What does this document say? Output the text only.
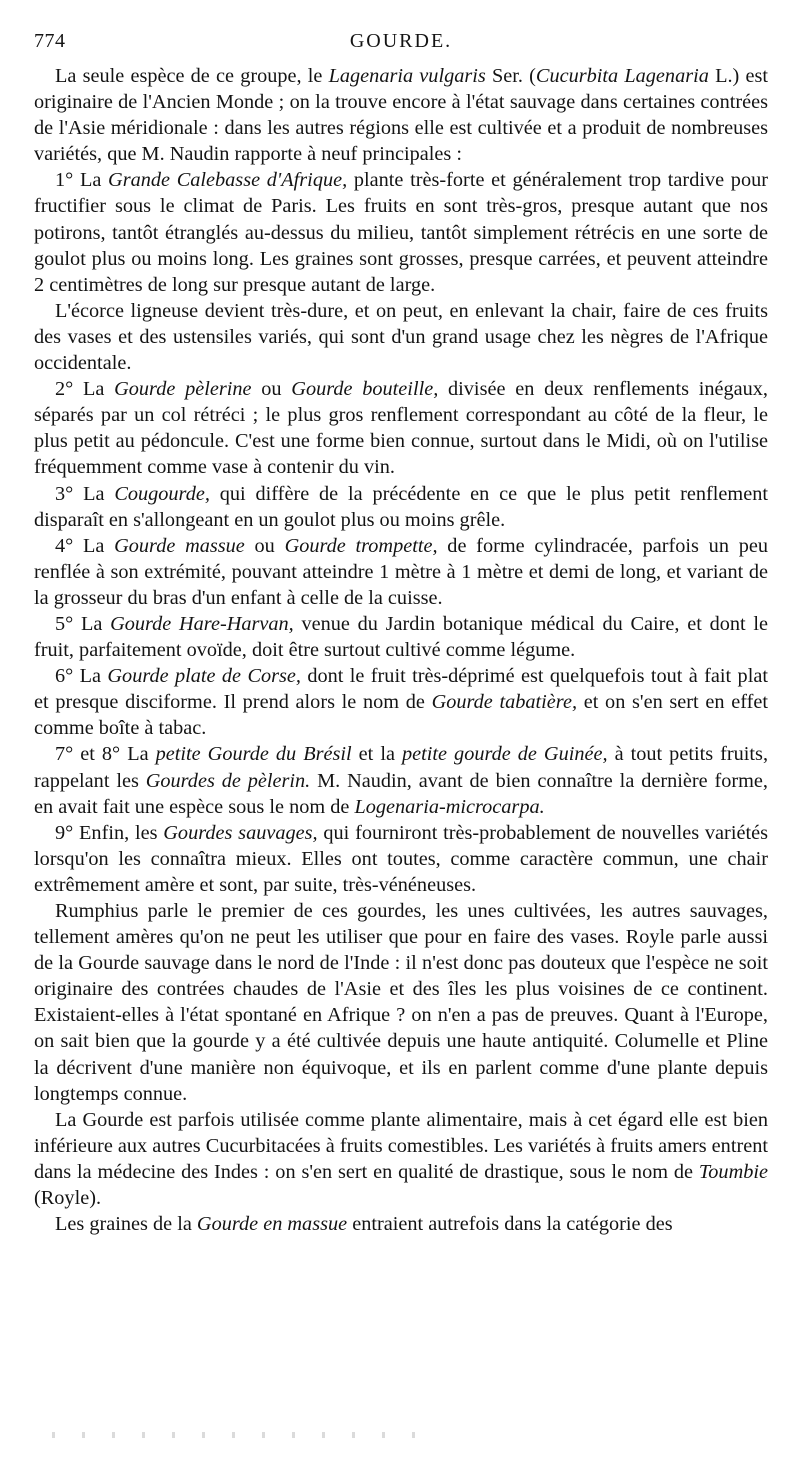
774	GOURDE.

La seule espèce de ce groupe, le Lagenaria vulgaris Ser. (Cucurbita Lagenaria L.) est originaire de l'Ancien Monde ; on la trouve encore à l'état sauvage dans certaines contrées de l'Asie méridionale : dans les autres régions elle est cultivée et a produit de nombreuses variétés, que M. Naudin rapporte à neuf principales :

1° La Grande Calebasse d'Afrique, plante très-forte et généralement trop tardive pour fructifier sous le climat de Paris. Les fruits en sont très-gros, presque autant que nos potirons, tantôt étranglés au-dessus du milieu, tantôt simplement rétrécis en une sorte de goulot plus ou moins long. Les graines sont grosses, presque carrées, et peuvent atteindre 2 centimètres de long sur presque autant de large.

L'écorce ligneuse devient très-dure, et on peut, en enlevant la chair, faire de ces fruits des vases et des ustensiles variés, qui sont d'un grand usage chez les nègres de l'Afrique occidentale.

2° La Gourde pèlerine ou Gourde bouteille, divisée en deux renflements inégaux, séparés par un col rétréci ; le plus gros renflement correspondant au côté de la fleur, le plus petit au pédoncule. C'est une forme bien connue, surtout dans le Midi, où on l'utilise fréquemment comme vase à contenir du vin.

3° La Cougourde, qui diffère de la précédente en ce que le plus petit renflement disparaît en s'allongeant en un goulot plus ou moins grêle.

4° La Gourde massue ou Gourde trompette, de forme cylindracée, parfois un peu renflée à son extrémité, pouvant atteindre 1 mètre à 1 mètre et demi de long, et variant de la grosseur du bras d'un enfant à celle de la cuisse.

5° La Gourde Hare-Harvan, venue du Jardin botanique médical du Caire, et dont le fruit, parfaitement ovoïde, doit être surtout cultivé comme légume.

6° La Gourde plate de Corse, dont le fruit très-déprimé est quelquefois tout à fait plat et presque disciforme. Il prend alors le nom de Gourde tabatière, et on s'en sert en effet comme boîte à tabac.

7° et 8° La petite Gourde du Brésil et la petite gourde de Guinée, à tout petits fruits, rappelant les Gourdes de pèlerin. M. Naudin, avant de bien connaître la dernière forme, en avait fait une espèce sous le nom de Logenaria-microcarpa.

9° Enfin, les Gourdes sauvages, qui fourniront très-probablement de nouvelles variétés lorsqu'on les connaîtra mieux. Elles ont toutes, comme caractère commun, une chair extrêmement amère et sont, par suite, très-vénéneuses.

Rumphius parle le premier de ces gourdes, les unes cultivées, les autres sauvages, tellement amères qu'on ne peut les utiliser que pour en faire des vases. Royle parle aussi de la Gourde sauvage dans le nord de l'Inde : il n'est donc pas douteux que l'espèce ne soit originaire des contrées chaudes de l'Asie et des îles les plus voisines de ce continent. Existaient-elles à l'état spontané en Afrique ? on n'en a pas de preuves. Quant à l'Europe, on sait bien que la gourde y a été cultivée depuis une haute antiquité. Columelle et Pline la décrivent d'une manière non équivoque, et ils en parlent comme d'une plante depuis longtemps connue.

La Gourde est parfois utilisée comme plante alimentaire, mais à cet égard elle est bien inférieure aux autres Cucurbitacées à fruits comestibles. Les variétés à fruits amers entrent dans la médecine des Indes : on s'en sert en qualité de drastique, sous le nom de Toumbie (Royle).

Les graines de la Gourde en massue entraient autrefois dans la catégorie des
